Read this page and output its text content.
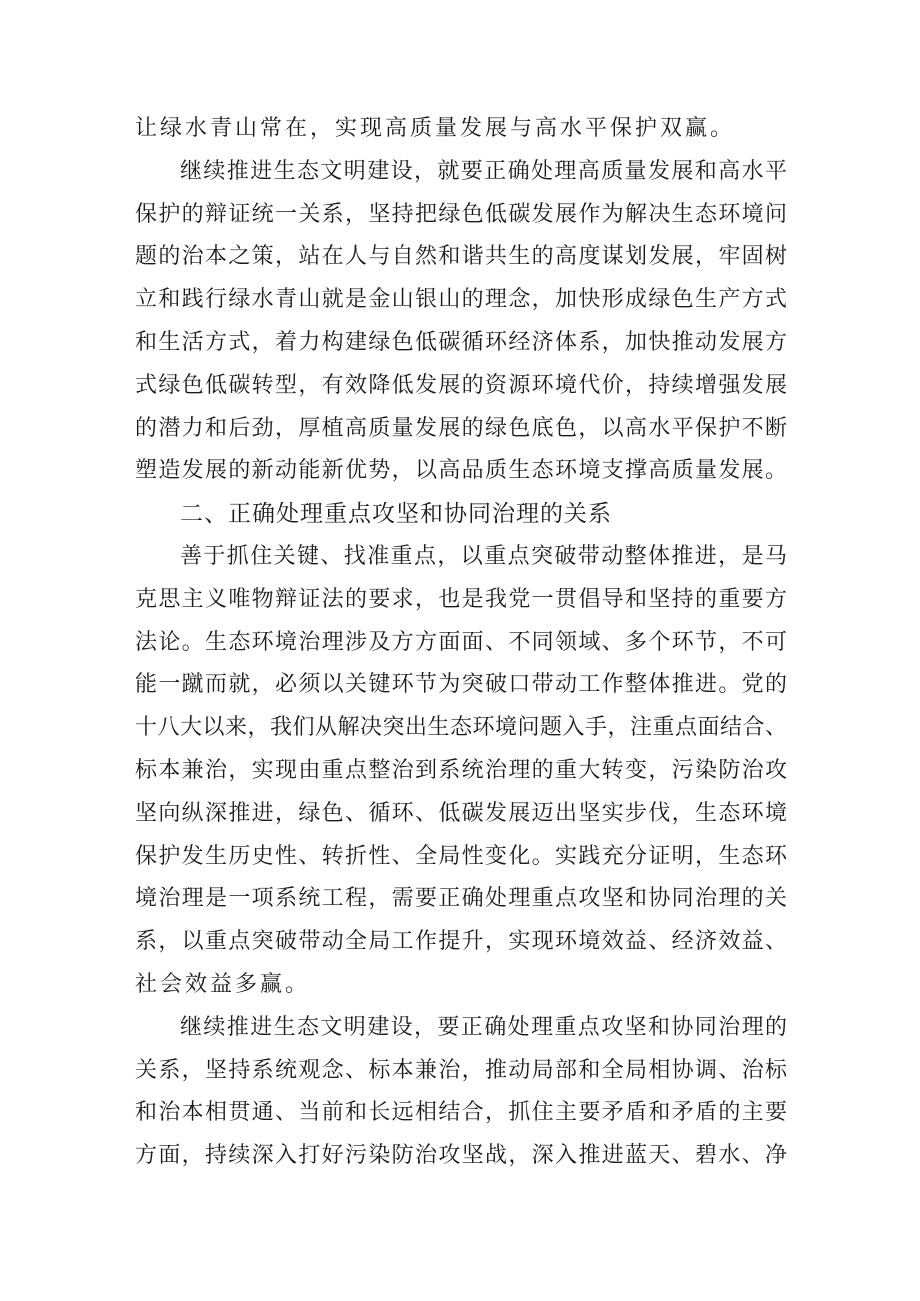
让绿水青山常在，实现高质量发展与高水平保护双赢。
继续推进生态文明建设，就要正确处理高质量发展和高水平
保护的辩证统一关系，坚持把绿色低碳发展作为解决生态环境问
题的治本之策，站在人与自然和谐共生的高度谋划发展，牢固树
立和践行绿水青山就是金山银山的理念，加快形成绿色生产方式
和生活方式，着力构建绿色低碳循环经济体系，加快推动发展方
式绿色低碳转型，有效降低发展的资源环境代价，持续增强发展
的潜力和后劲，厚植高质量发展的绿色底色，以高水平保护不断
塑造发展的新动能新优势，以高品质生态环境支撑高质量发展。
二、正确处理重点攻坚和协同治理的关系
善于抓住关键、找准重点，以重点突破带动整体推进，是马
克思主义唯物辩证法的要求，也是我党一贯倡导和坚持的重要方
法论。生态环境治理涉及方方面面、不同领域、多个环节，不可
能一蹴而就，必须以关键环节为突破口带动工作整体推进。党的
十八大以来，我们从解决突出生态环境问题入手，注重点面结合、
标本兼治，实现由重点整治到系统治理的重大转变，污染防治攻
坚向纵深推进，绿色、循环、低碳发展迈出坚实步伐，生态环境
保护发生历史性、转折性、全局性变化。实践充分证明，生态环
境治理是一项系统工程，需要正确处理重点攻坚和协同治理的关
系，以重点突破带动全局工作提升，实现环境效益、经济效益、
社会效益多赢。
继续推进生态文明建设，要正确处理重点攻坚和协同治理的
关系，坚持系统观念、标本兼治，推动局部和全局相协调、治标
和治本相贯通、当前和长远相结合，抓住主要矛盾和矛盾的主要
方面，持续深入打好污染防治攻坚战，深入推进蓝天、碧水、净
